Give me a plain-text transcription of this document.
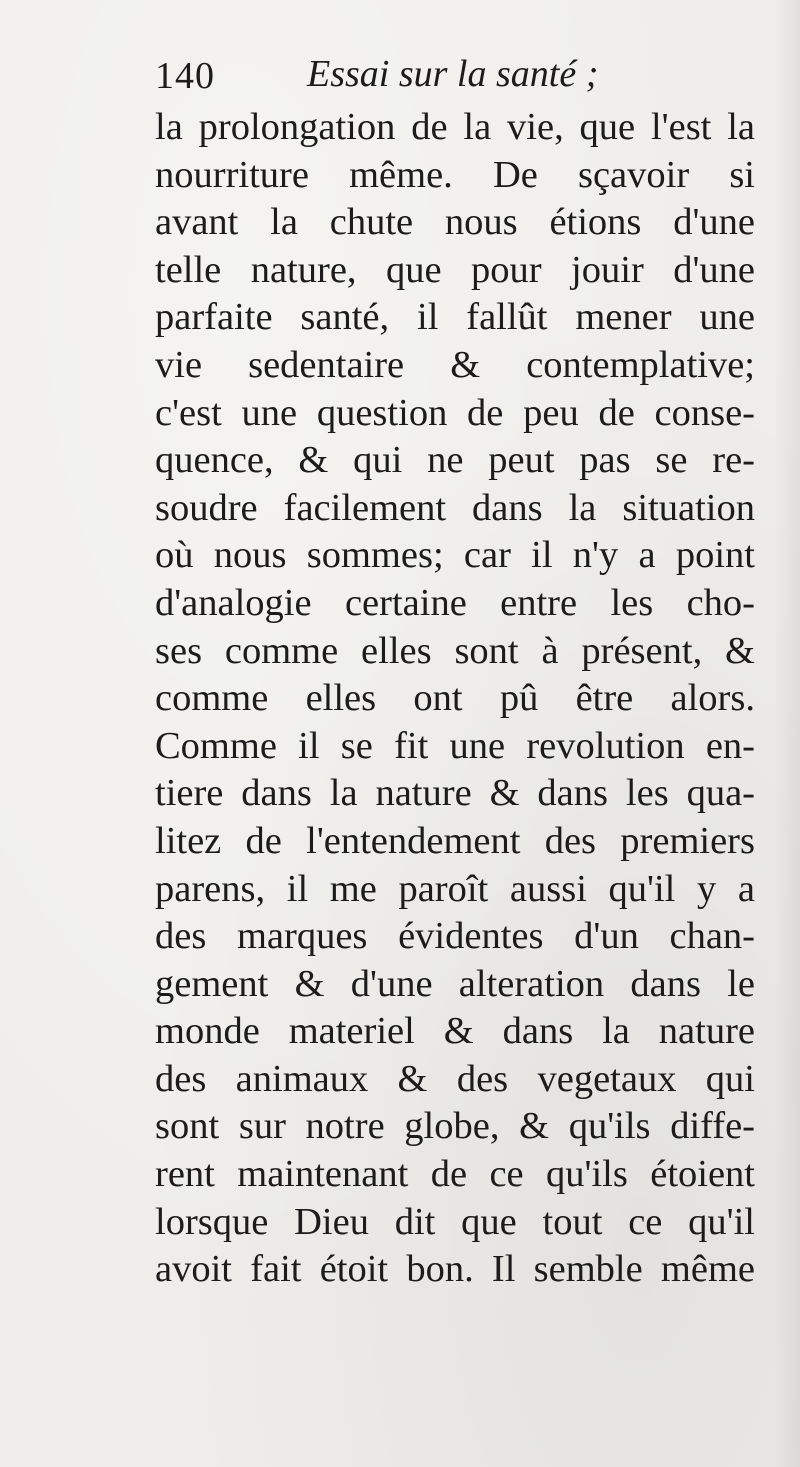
140 Essai sur la santé ;
la prolongation de la vie, que l'est la
nourriture même. De sçavoir si
avant la chute nous étions d'une
telle nature, que pour jouir d'une
parfaite santé, il fallût mener une
vie sedentaire & contemplative;
c'est une question de peu de conse-
quence, & qui ne peut pas se re-
soudre facilement dans la situation
où nous sommes; car il n'y a point
d'analogie certaine entre les cho-
ses comme elles sont à présent, &
comme elles ont pû être alors.
Comme il se fit une revolution en-
tiere dans la nature & dans les qua-
litez de l'entendement des premiers
parens, il me paroît aussi qu'il y a
des marques évidentes d'un chan-
gement & d'une alteration dans le
monde materiel & dans la nature
des animaux & des vegetaux qui
sont sur notre globe, & qu'ils diffe-
rent maintenant de ce qu'ils étoient
lorsque Dieu dit que tout ce qu'il
avoit fait étoit bon. Il semble même
